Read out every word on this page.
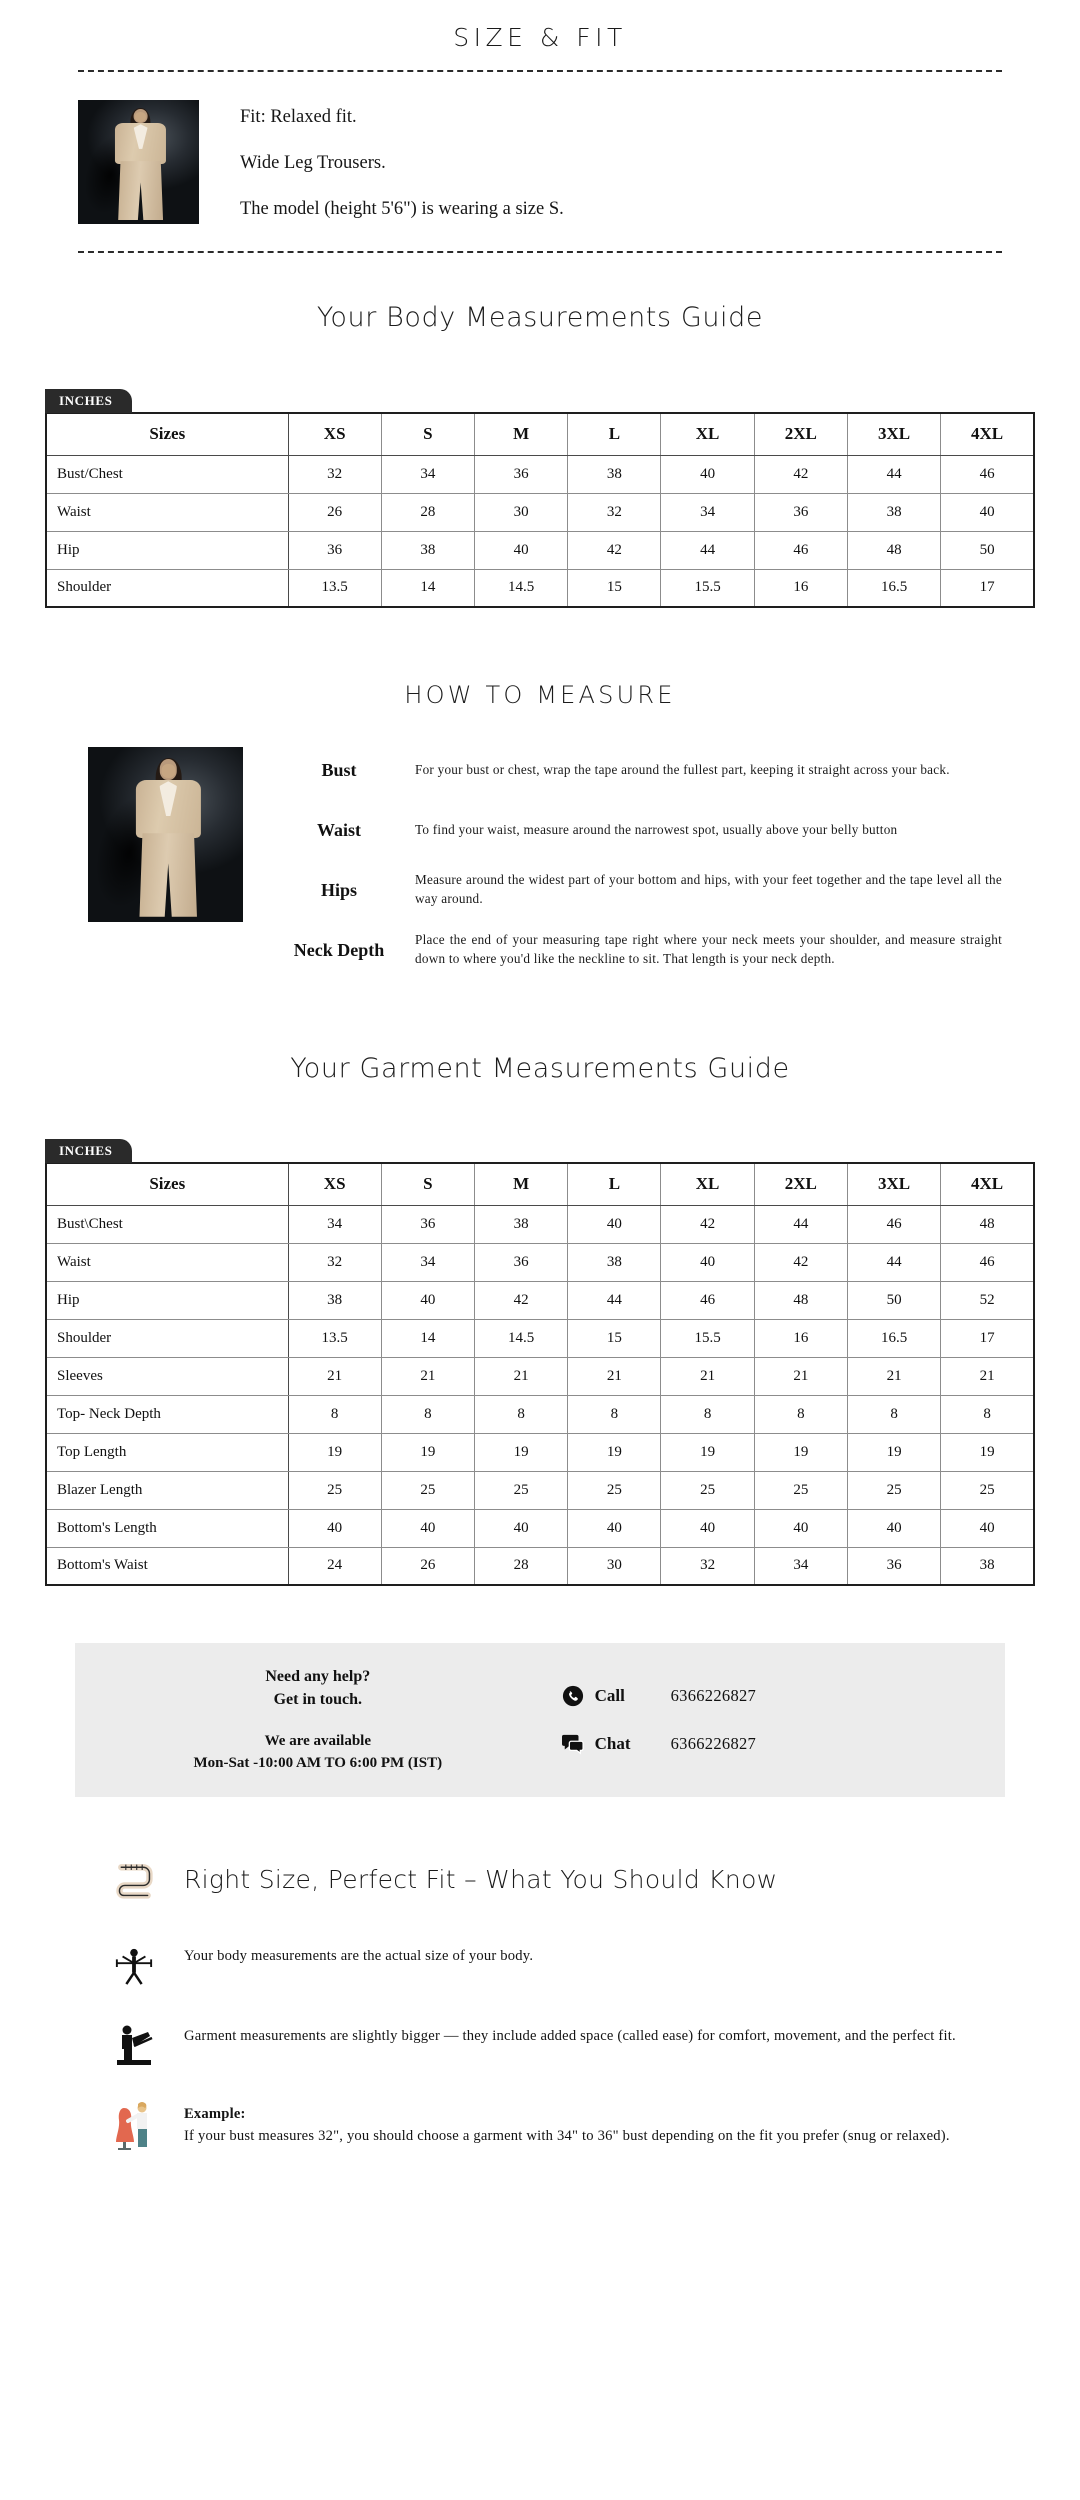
SIZE & FIT
Fit: Relaxed fit.
Wide Leg Trousers.
The model (height 5'6") is wearing a size S.
Your Body Measurements Guide
INCHES
Sizes	XS	S	M	L	XL	2XL	3XL	4XL
Bust/Chest	32	34	36	38	40	42	44	46
Waist	26	28	30	32	34	36	38	40
Hip	36	38	40	42	44	46	48	50
Shoulder	13.5	14	14.5	15	15.5	16	16.5	17
HOW TO MEASURE
Bust	For your bust or chest, wrap the tape around the fullest part, keeping it straight across your back.
Waist	To find your waist, measure around the narrowest spot, usually above your belly button
Hips	Measure around the widest part of your bottom and hips, with your feet together and the tape level all the way around.
Neck Depth	Place the end of your measuring tape right where your neck meets your shoulder, and measure straight down to where you'd like the neckline to sit. That length is your neck depth.
Your Garment Measurements Guide
INCHES
Sizes	XS	S	M	L	XL	2XL	3XL	4XL
Bust\Chest	34	36	38	40	42	44	46	48
Waist	32	34	36	38	40	42	44	46
Hip	38	40	42	44	46	48	50	52
Shoulder	13.5	14	14.5	15	15.5	16	16.5	17
Sleeves	21	21	21	21	21	21	21	21
Top- Neck Depth	8	8	8	8	8	8	8	8
Top Length	19	19	19	19	19	19	19	19
Blazer Length	25	25	25	25	25	25	25	25
Bottom's Length	40	40	40	40	40	40	40	40
Bottom's Waist	24	26	28	30	32	34	36	38
Need any help?
Get in touch.
We are available
Mon-Sat -10:00 AM TO 6:00 PM (IST)
Call	6366226827
Chat	6366226827
Right Size, Perfect Fit – What You Should Know
Your body measurements are the actual size of your body.
Garment measurements are slightly bigger — they include added space (called ease) for comfort, movement, and the perfect fit.
Example:
If your bust measures 32", you should choose a garment with 34" to 36" bust depending on the fit you prefer (snug or relaxed).
